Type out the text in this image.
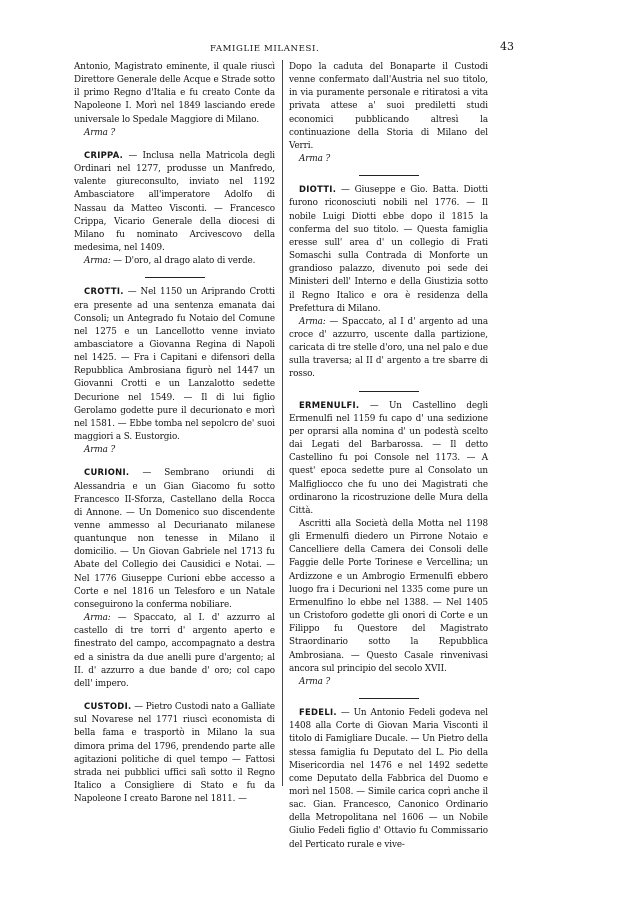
FAMIGLIE MILANESI.	43

Antonio, Magistrato eminente, il quale riuscì Direttore Generale delle Acque e Strade sotto il primo Regno d'Italia e fu creato Conte da Napoleone I. Morì nel 1849 lasciando erede universale lo Spedale Maggiore di Milano.

Arma ?

CRIPPA. — Inclusa nella Matricola degli Ordinari nel 1277, produsse un Manfredo, valente giureconsulto, inviato nel 1192 Ambasciatore all'imperatore Adolfo di Nassau da Matteo Visconti. — Francesco Crippa, Vicario Generale della diocesi di Milano fu nominato Arcivescovo della medesima, nel 1409.

Arma: — D'oro, al drago alato di verde.

CROTTI. — Nel 1150 un Ariprando Crotti era presente ad una sentenza emanata dai Consoli; un Antegrado fu Notaio del Comune nel 1275 e un Lancellotto venne inviato ambasciatore a Giovanna Regina di Napoli nel 1425. — Fra i Capitani e difensori della Repubblica Ambrosiana figurò nel 1447 un Giovanni Crotti e un Lanzalotto sedette Decurione nel 1549. — Il di lui figlio Gerolamo godette pure il decurionato e morì nel 1581. — Ebbe tomba nel sepolcro de' suoi maggiori a S. Eustorgio.

Arma ?

CURIONI. — Sembrano oriundi di Alessandria e un Gian Giacomo fu sotto Francesco II-Sforza, Castellano della Rocca di Annone. — Un Domenico suo discendente venne ammesso al Decurianato milanese quantunque non tenesse in Milano il domicilio. — Un Giovan Gabriele nel 1713 fu Abate del Collegio dei Causidici e Notai. — Nel 1776 Giuseppe Curioni ebbe accesso a Corte e nel 1816 un Telesforo e un Natale conseguirono la conferma nobiliare.

Arma: — Spaccato, al I. d' azzurro al castello di tre torri d' argento aperto e finestrato del campo, accompagnato a destra ed a sinistra da due anelli pure d'argento; al II. d' azzurro a due bande d' oro; col capo dell' impero.

CUSTODI. — Pietro Custodi nato a Galliate sul Novarese nel 1771 riuscì economista di bella fama e trasportò in Milano la sua dimora prima del 1796, prendendo parte alle agitazioni politiche di quel tempo — Fattosi strada nei pubblici uffici salì sotto il Regno Italico a Consigliere di Stato e fu da Napoleone I creato Barone nel 1811. —

Dopo la caduta del Bonaparte il Custodi venne confermato dall'Austria nel suo titolo, in via puramente personale e ritiratosi a vita privata attese a' suoi prediletti studi economici pubblicando altresì la continuazione della Storia di Milano del Verri.

Arma ?

DIOTTI. — Giuseppe e Gio. Batta. Diotti furono riconosciuti nobili nel 1776. — Il nobile Luigi Diotti ebbe dopo il 1815 la conferma del suo titolo. — Questa famiglia eresse sull' area d' un collegio di Frati Somaschi sulla Contrada di Monforte un grandioso palazzo, divenuto poi sede dei Ministeri dell' Interno e della Giustizia sotto il Regno Italico e ora è residenza della Prefettura di Milano.

Arma: — Spaccato, al I d' argento ad una croce d' azzurro, uscente dalla partizione, caricata di tre stelle d'oro, una nel palo e due sulla traversa; al II d' argento a tre sbarre di rosso.

ERMENULFI. — Un Castellino degli Ermenulfi nel 1159 fu capo d' una sedizione per oprarsi alla nomina d' un podestà scelto dai Legati del Barbarossa. — Il detto Castellino fu poi Console nel 1173. — A quest' epoca sedette pure al Consolato un Malfigliocco che fu uno dei Magistrati che ordinarono la ricostruzione delle Mura della Città.

Ascritti alla Società della Motta nel 1198 gli Ermenulfi diedero un Pirrone Notaio e Cancelliere della Camera dei Consoli delle Faggie delle Porte Torinese e Vercellina; un Ardizzone e un Ambrogio Ermenulfi ebbero luogo fra i Decurioni nel 1335 come pure un Ermenulfino lo ebbe nel 1388. — Nel 1405 un Cristoforo godette gli onori di Corte e un Filippo fu Questore del Magistrato Straordinario sotto la Repubblica Ambrosiana. — Questo Casale rinvenivasi ancora sul principio del secolo XVII.

Arma ?

FEDELI. — Un Antonio Fedeli godeva nel 1408 alla Corte di Giovan Maria Visconti il titolo di Famigliare Ducale. — Un Pietro della stessa famiglia fu Deputato del L. Pio della Misericordia nel 1476 e nel 1492 sedette come Deputato della Fabbrica del Duomo e morì nel 1508. — Simile carica coprì anche il sac. Gian. Francesco, Canonico Ordinario della Metropolitana nel 1606 — un Nobile Giulio Fedeli figlio d' Ottavio fu Commissario del Perticato rurale e vive-
